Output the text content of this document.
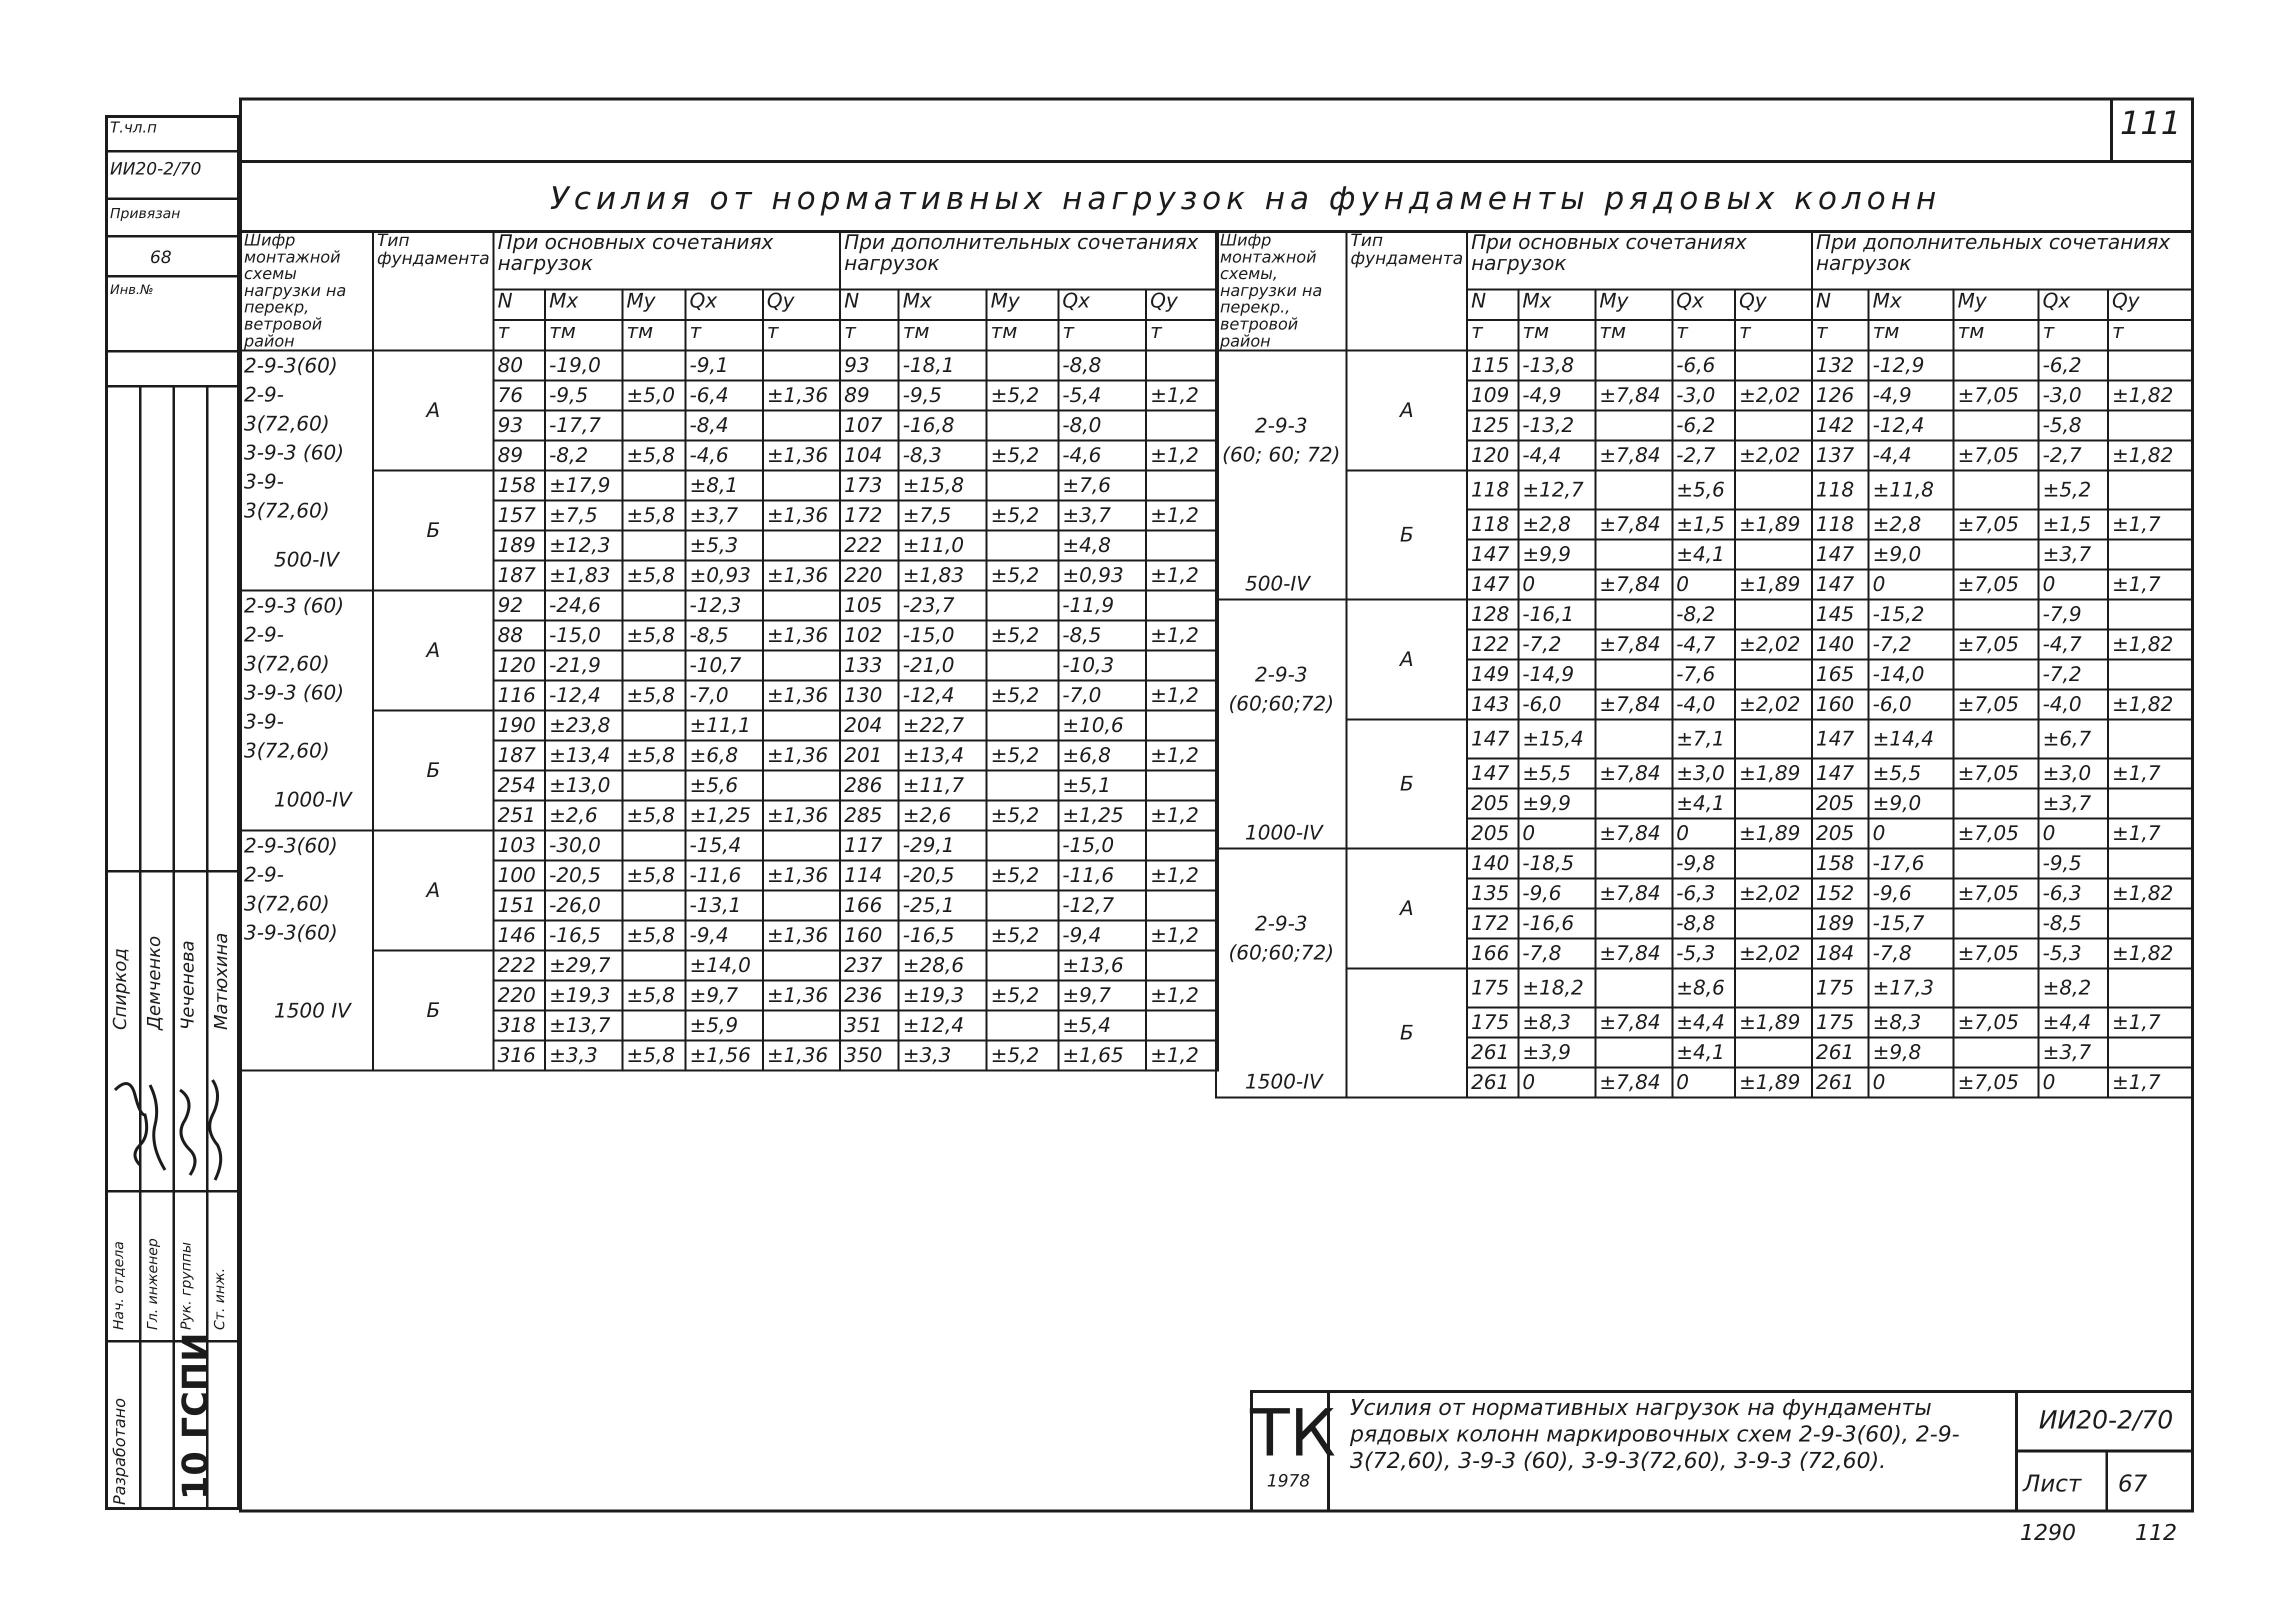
Т.чл.п
ИИ20-2/70
Привязан
68
Инв.№
Разработано
Нач. отдела Гл. инженер Рук. группы Ст. инж.
Спиркод Демченко Чеченева Матюхина
10 ГСПИ
111
Усилия от нормативных нагрузок на фундаменты рядовых колонн
Шифр монтажной схемы нагрузки на перекр, ветровой район	Тип фундамента	При основных сочетаниях нагрузок					При дополнительных сочетаниях нагрузок				
		N	Mx	My	Qx	Qy	N	Mx	My	Qx	Qy
		т	тм	тм	т	т	т	тм	тм	т	т

2-9-3(60)
2-9-3(72,60)
3-9-3 (60)
3-9-3(72,60)
500-IV	А	80	-19,0		-9,1		93	-18,1		-8,8	
		76	-9,5	±5,0	-6,4	±1,36	89	-9,5	±5,2	-5,4	±1,2
		93	-17,7		-8,4		107	-16,8		-8,0	
		89	-8,2	±5,8	-4,6	±1,36	104	-8,3	±5,2	-4,6	±1,2
	Б	158	±17,9		±8,1		173	±15,8		±7,6	
		157	±7,5	±5,8	±3,7	±1,36	172	±7,5	±5,2	±3,7	±1,2
		189	±12,3		±5,3		222	±11,0		±4,8	
		187	±1,83	±5,8	±0,93	±1,36	220	±1,83	±5,2	±0,93	±1,2

2-9-3 (60)
2-9-3(72,60)
3-9-3 (60)
3-9-3(72,60)
1000-IV	А	92	-24,6		-12,3		105	-23,7		-11,9	
		88	-15,0	±5,8	-8,5	±1,36	102	-15,0	±5,2	-8,5	±1,2
		120	-21,9		-10,7		133	-21,0		-10,3	
		116	-12,4	±5,8	-7,0	±1,36	130	-12,4	±5,2	-7,0	±1,2
	Б	190	±23,8		±11,1		204	±22,7		±10,6	
		187	±13,4	±5,8	±6,8	±1,36	201	±13,4	±5,2	±6,8	±1,2
		254	±13,0		±5,6		286	±11,7		±5,1	
		251	±2,6	±5,8	±1,25	±1,36	285	±2,6	±5,2	±1,25	±1,2

2-9-3(60)
2-9-3(72,60)
3-9-3(60)

1500 IV	А	103	-30,0		-15,4		117	-29,1		-15,0	
		100	-20,5	±5,8	-11,6	±1,36	114	-20,5	±5,2	-11,6	±1,2
		151	-26,0		-13,1		166	-25,1		-12,7	
		146	-16,5	±5,8	-9,4	±1,36	160	-16,5	±5,2	-9,4	±1,2
	Б	222	±29,7		±14,0		237	±28,6		±13,6	
		220	±19,3	±5,8	±9,7	±1,36	236	±19,3	±5,2	±9,7	±1,2
		318	±13,7		±5,9		351	±12,4		±5,4	
		316	±3,3	±5,8	±1,56	±1,36	350	±3,3	±5,2	±1,65	±1,2
Шифр монтажной схемы, нагрузки на перекр., ветровой район	Тип фундамента	При основных сочетаниях нагрузок					При дополнительных сочетаниях нагрузок				
		N	Mx	My	Qx	Qy	N	Mx	My	Qx	Qy
		т	тм	тм	т	т	т	тм	тм	т	т

2-9-3
(60; 60; 72)
500-IV	А	115	-13,8		-6,6		132	-12,9		-6,2	
		109	-4,9	±7,84	-3,0	±2,02	126	-4,9	±7,05	-3,0	±1,82
		125	-13,2		-6,2		142	-12,4		-5,8	
		120	-4,4	±7,84	-2,7	±2,02	137	-4,4	±7,05	-2,7	±1,82
	Б	118	±12,7		±5,6		118	±11,8		±5,2	
		118	±2,8	±7,84	±1,5	±1,89	118	±2,8	±7,05	±1,5	±1,7
		147	±9,9		±4,1		147	±9,0		±3,7	
		147	0	±7,84	0	±1,89	147	0	±7,05	0	±1,7

2-9-3
(60;60;72)
1000-IV	А	128	-16,1		-8,2		145	-15,2		-7,9	
		122	-7,2	±7,84	-4,7	±2,02	140	-7,2	±7,05	-4,7	±1,82
		149	-14,9		-7,6		165	-14,0		-7,2	
		143	-6,0	±7,84	-4,0	±2,02	160	-6,0	±7,05	-4,0	±1,82
	Б	147	±15,4		±7,1		147	±14,4		±6,7	
		147	±5,5	±7,84	±3,0	±1,89	147	±5,5	±7,05	±3,0	±1,7
		205	±9,9		±4,1		205	±9,0		±3,7	
		205	0	±7,84	0	±1,89	205	0	±7,05	0	±1,7

2-9-3
(60;60;72)
1500-IV	А	140	-18,5		-9,8		158	-17,6		-9,5	
		135	-9,6	±7,84	-6,3	±2,02	152	-9,6	±7,05	-6,3	±1,82
		172	-16,6		-8,8		189	-15,7		-8,5	
		166	-7,8	±7,84	-5,3	±2,02	184	-7,8	±7,05	-5,3	±1,82
	Б	175	±18,2		±8,6		175	±17,3		±8,2	
		175	±8,3	±7,84	±4,4	±1,89	175	±8,3	±7,05	±4,4	±1,7
		261	±3,9		±4,1		261	±9,8		±3,7	
		261	0	±7,84	0	±1,89	261	0	±7,05	0	±1,7
ТК
1978
Усилия от нормативных нагрузок на фундаменты рядовых колонн маркировочных схем 2-9-3(60), 2-9-3(72,60), 3-9-3 (60), 3-9-3(72,60), 3-9-3 (72,60).
ИИ20-2/70
Лист 67
1290	112
